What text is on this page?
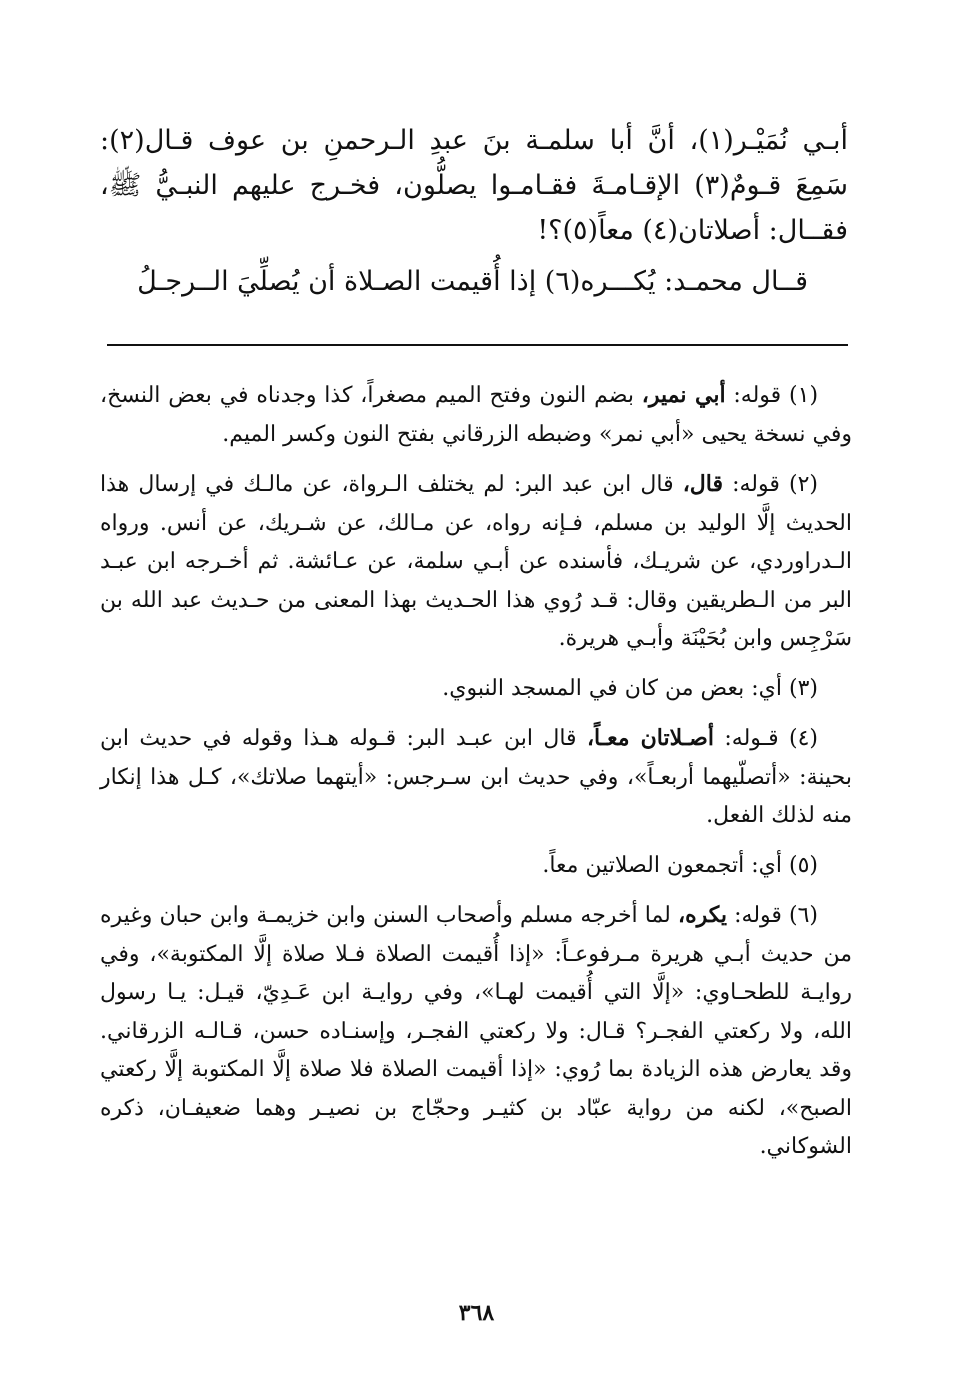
أبـي نُمَيْـر(١)، أنَّ أبا سلمـة بنَ عبدِ الـرحمنِ بن عوف قـال(٢): سَمِعَ قـومٌ(٣) الإقـامـةَ فقـامـوا يصلُّون، فخـرج عليهم النبـيُّ ﷺ، فقــال: أصلاتان(٤) معاً(٥)؟!

قــال محمـد: يُكـــره(٦) إذا أُقيمت الصـلاة أن يُصلِّيَ الــرجـلُ

(١) قوله: أبي نمير، بضم النون وفتح الميم مصغراً، كذا وجدناه في بعض النسخ، وفي نسخة يحيى «أبي نمر» وضبطه الزرقاني بفتح النون وكسر الميم.

(٢) قوله: قال، قال ابن عبد البر: لم يختلف الـرواة، عن مالـك في إرسال هذا الحديث إلَّا الوليد بن مسلم، فـإنه رواه، عن مـالك، عن شـريك، عن أنس. ورواه الـدراوردي، عن شريـك، فأسنده عن أبـي سلمة، عن عـائشة. ثم أخـرجه ابن عبـد البر من الـطريقين وقال: قـد رُوي هذا الحـديث بهذا المعنى من حـديث عبد الله بن سَرْجِس وابن بُحَيْنَة وأبـي هريرة.

(٣) أي: بعض من كان في المسجد النبوي.

(٤) قـوله: أصـلاتان معـاً، قال ابن عبـد البر: قـوله هـذا وقوله في حديث ابن بحينة: «أتصلّيهما أربعـاً»، وفي حديث ابن سـرجس: «أيتهما صلاتك»، كـل هذا إنكار منه لذلك الفعل.

(٥) أي: أتجمعون الصلاتين معاً.

(٦) قوله: يكره، لما أخرجه مسلم وأصحاب السنن وابن خزيمـة وابن حبان وغيره من حديث أبـي هريرة مـرفوعـاً: «إذا أُقيمت الصلاة فـلا صلاة إلَّا المكتوبة»، وفي روايـة للطحـاوي: «إلَّا التي أُقيمت لهـا»، وفي روايـة ابن عَـدِيّ، قيـل: يـا رسول الله، ولا ركعتي الفجـر؟ قـال: ولا ركعتي الفجـر، وإسنـاده حسن، قـالـه الزرقاني. وقد يعارض هذه الزيادة بما رُوي: «إذا أقيمت الصلاة فلا صلاة إلَّا المكتوبة إلَّا ركعتي الصبح»، لكنه من رواية عبّاد بن كثيـر وحجّاج بن نصيـر وهما ضعيفـان، ذكره الشوكاني.

٣٦٨
